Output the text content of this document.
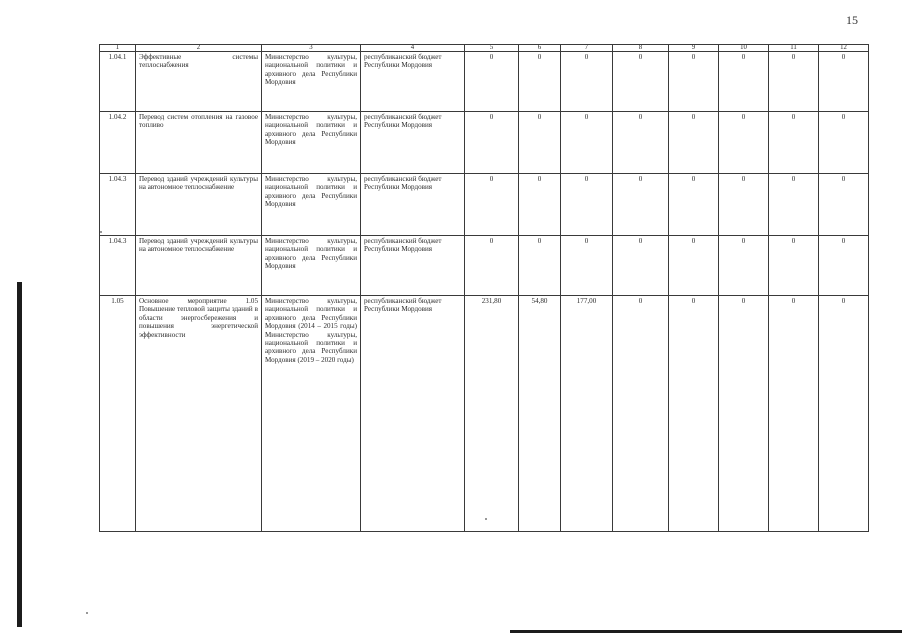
15
1	2	3	4	5	6	7	8	9	10	11	12
1.04.1	Эффективные системы теплоснабжения	Министерство культуры, национальной политики и архивного дела Республики Мордовия	республиканский бюджет Республики Мордовия	0	0	0	0	0	0	0	0
1.04.2	Перевод систем отопления на газовое топливо	Министерство культуры, национальной политики и архивного дела Республики Мордовия	республиканский бюджет Республики Мордовия	0	0	0	0	0	0	0	0
1.04.3	Перевод зданий учреждений культуры на автономное теплоснабжение	Министерство культуры, национальной политики и архивного дела Республики Мордовия	республиканский бюджет Республики Мордовия	0	0	0	0	0	0	0	0
1.04.3	Перевод зданий учреждений культуры на автономное теплоснабжение	Министерство культуры, национальной политики и архивного дела Республики Мордовия	республиканский бюджет Республики Мордовия	0	0	0	0	0	0	0	0
1.05	Основное мероприятие 1.05 Повышение тепловой защиты зданий в области энергосбережения и повышения энергетической эффективности	Министерство культуры, национальной политики и архивного дела Республики Мордовия (2014 – 2015 годы) Министерство культуры, национальной политики и архивного дела Республики Мордовия (2019 – 2020 годы)	республиканский бюджет Республики Мордовия	231,80	54,80	177,00	0	0	0	0	0
